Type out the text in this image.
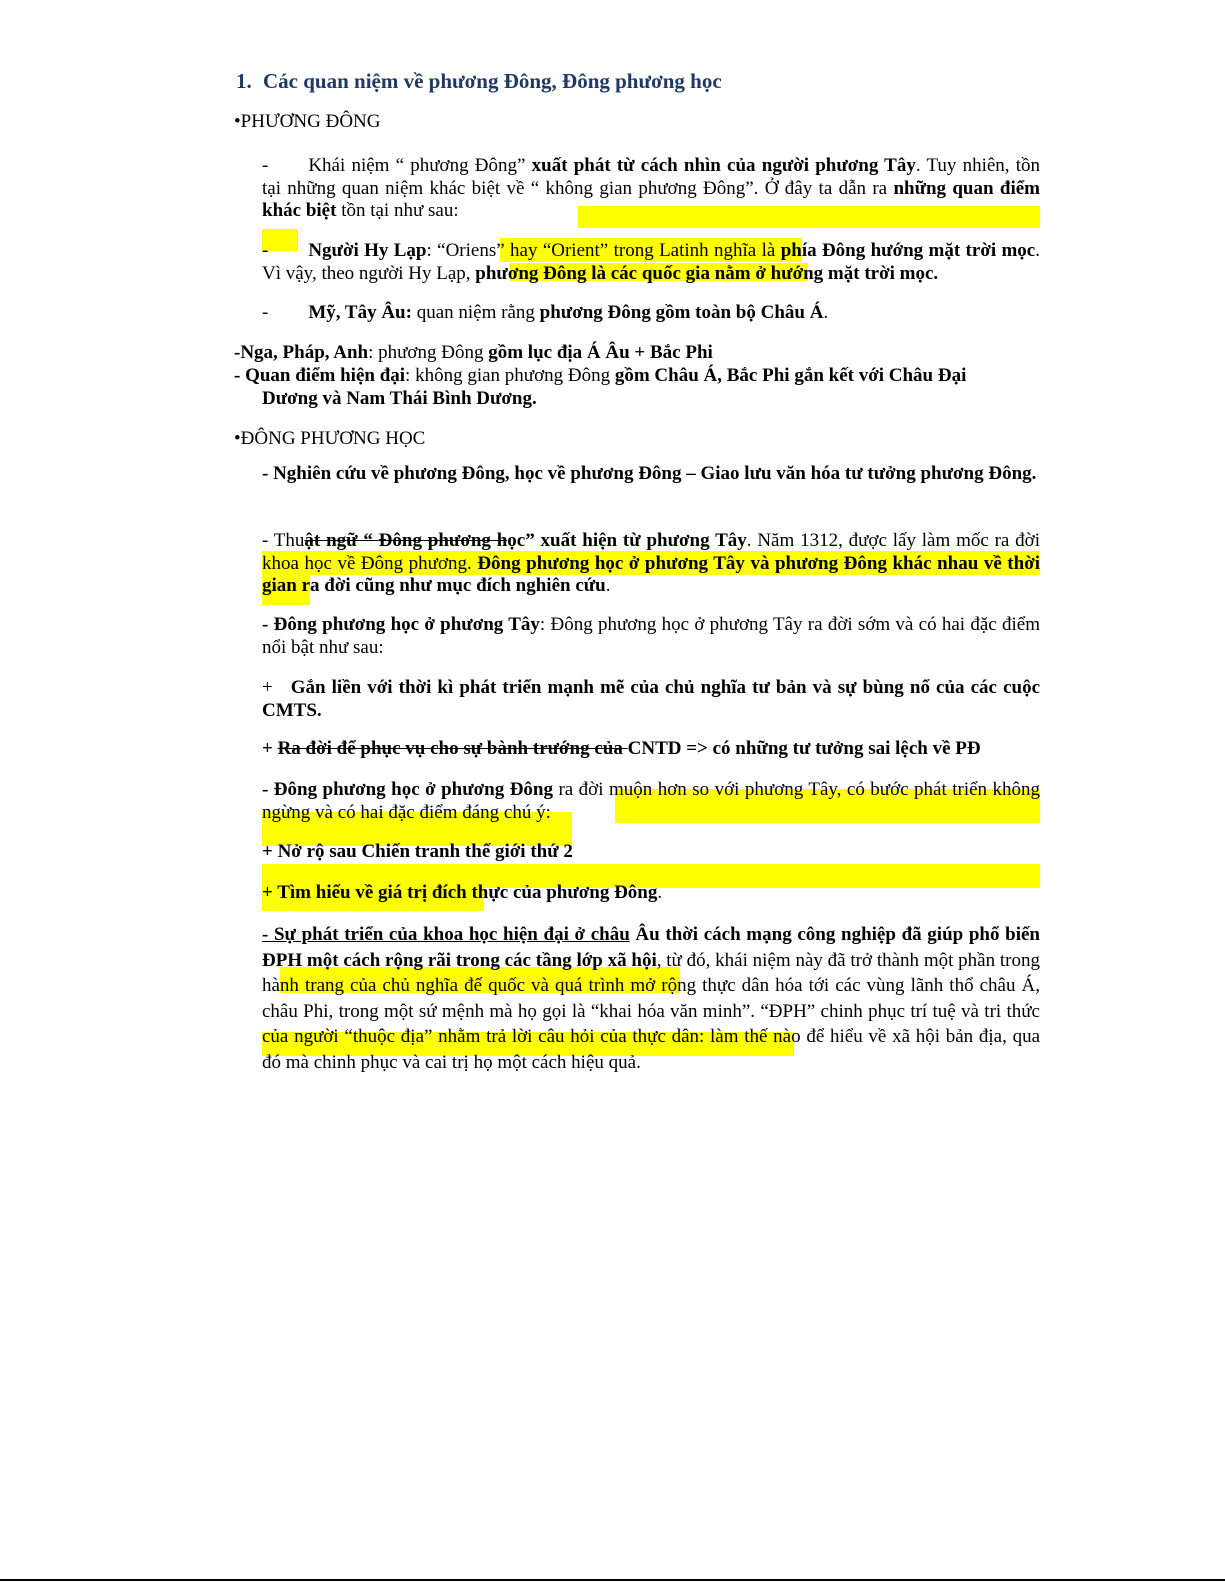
1. Các quan niệm về phương Đông, Đông phương học
•PHƯƠNG ĐÔNG
- Khái niệm “ phương Đông” xuất phát từ cách nhìn của người phương Tây. Tuy nhiên, tồn tại những quan niệm khác biệt về “ không gian phương Đông”. Ở đây ta dẫn ra những quan điểm khác biệt tồn tại như sau:
- Người Hy Lạp: “Oriens” hay “Orient” trong Latinh nghĩa là phía Đông hướng mặt trời mọc. Vì vậy, theo người Hy Lạp, phương Đông là các quốc gia nằm ở hướng mặt trời mọc.
- Mỹ, Tây Âu: quan niệm rằng phương Đông gồm toàn bộ Châu Á.
-Nga, Pháp, Anh: phương Đông gồm lục địa Á Âu + Bắc Phi
- Quan điểm hiện đại: không gian phương Đông gồm Châu Á, Bắc Phi gắn kết với Châu Đại
Dương và Nam Thái Bình Dương.
•ĐÔNG PHƯƠNG HỌC
- Nghiên cứu về phương Đông, học về phương Đông – Giao lưu văn hóa tư tưởng phương Đông.
- Thuật ngữ “ Đông phương học” xuất hiện từ phương Tây. Năm 1312, được lấy làm mốc ra đời khoa học về Đông phương. Đông phương học ở phương Tây và phương Đông khác nhau về thời gian ra đời cũng như mục đích nghiên cứu.
- Đông phương học ở phương Tây: Đông phương học ở phương Tây ra đời sớm và có hai đặc điểm nổi bật như sau:
+ Gắn liền với thời kì phát triển mạnh mẽ của chủ nghĩa tư bản và sự bùng nổ của các cuộc CMTS.
+ Ra đời để phục vụ cho sự bành trướng của CNTD => có những tư tưởng sai lệch về PĐ
- Đông phương học ở phương Đông ra đời muộn hơn so với phương Tây, có bước phát triển không ngừng và có hai đặc điểm đáng chú ý:
+ Nở rộ sau Chiến tranh thế giới thứ 2
+ Tìm hiểu về giá trị đích thực của phương Đông.
- Sự phát triển của khoa học hiện đại ở châu Âu thời cách mạng công nghiệp đã giúp phổ biến ĐPH một cách rộng rãi trong các tầng lớp xã hội, từ đó, khái niệm này đã trở thành một phần trong hành trang của chủ nghĩa đế quốc và quá trình mở rộng thực dân hóa tới các vùng lãnh thổ châu Á, châu Phi, trong một sứ mệnh mà họ gọi là “khai hóa văn minh”. “ĐPH” chinh phục trí tuệ và tri thức của người “thuộc địa” nhằm trả lời câu hỏi của thực dân: làm thế nào để hiểu về xã hội bản địa, qua đó mà chinh phục và cai trị họ một cách hiệu quả.
